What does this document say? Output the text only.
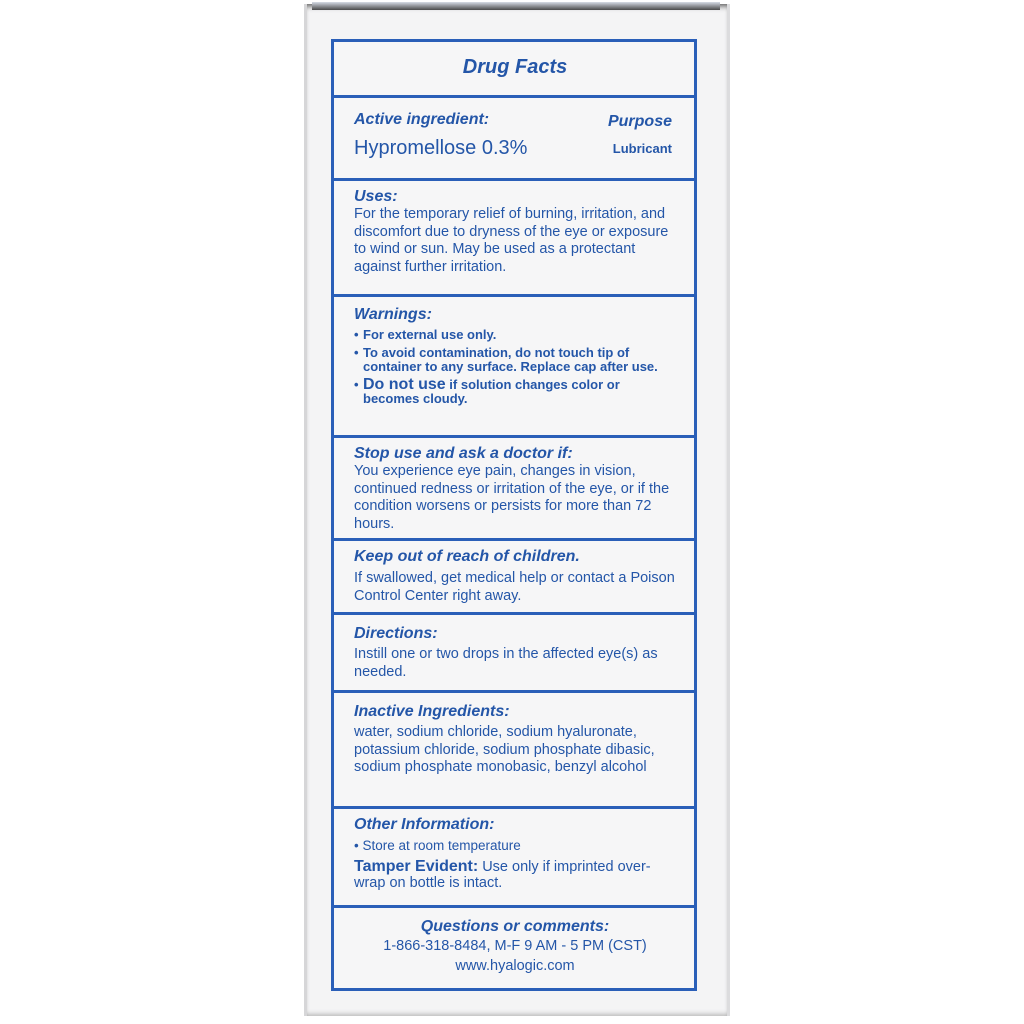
Drug Facts
Active ingredient:
Hypromellose 0.3%
Purpose
Lubricant
Uses:
For the temporary relief of burning, irritation, and discomfort due to dryness of the eye or exposure to wind or sun. May be used as a protectant against further irritation.
Warnings:
• For external use only.
• To avoid contamination, do not touch tip of container to any surface. Replace cap after use.
• Do not use if solution changes color or becomes cloudy.
Stop use and ask a doctor if:
You experience eye pain, changes in vision, continued redness or irritation of the eye, or if the condition worsens or persists for more than 72 hours.
Keep out of reach of children.
If swallowed, get medical help or contact a Poison Control Center right away.
Directions:
Instill one or two drops in the affected eye(s) as needed.
Inactive Ingredients:
water, sodium chloride, sodium hyaluronate, potassium chloride, sodium phosphate dibasic, sodium phosphate monobasic, benzyl alcohol
Other Information:
• Store at room temperature
Tamper Evident: Use only if imprinted over-wrap on bottle is intact.
Questions or comments:
1-866-318-8484, M-F 9 AM - 5 PM (CST)
www.hyalogic.com
